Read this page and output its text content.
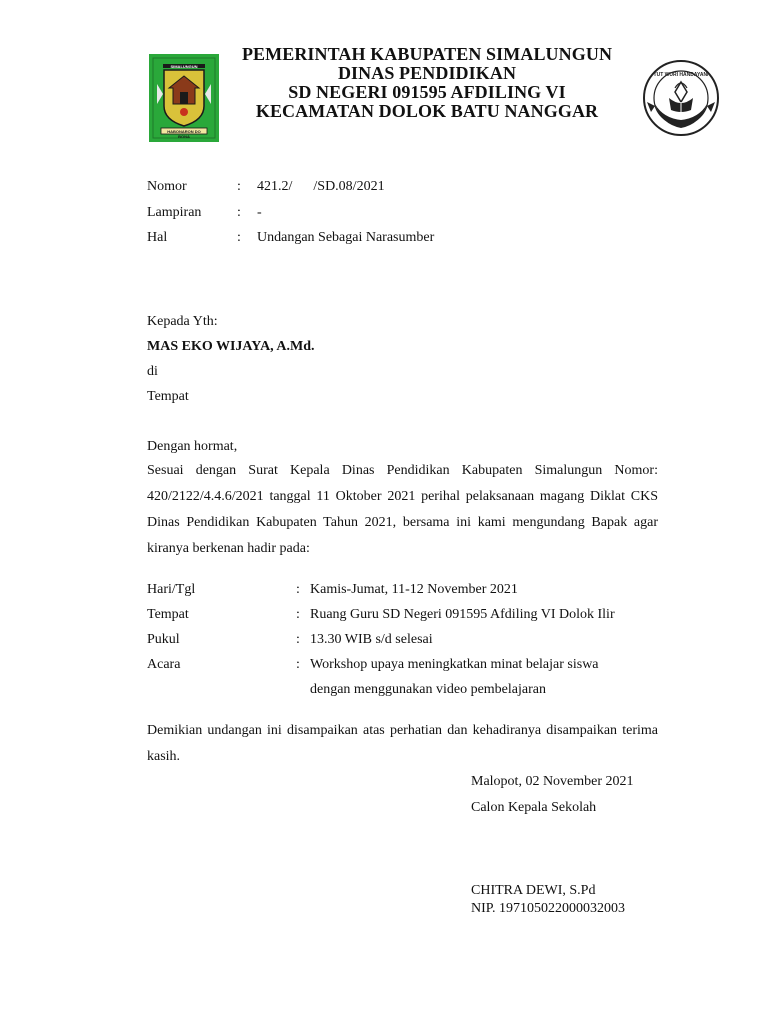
SIMALUNGUN
HABONARON DO BONA
PEMERINTAH KABUPATEN SIMALUNGUN
DINAS PENDIDIKAN
SD NEGERI 091595 AFDILING VI
KECAMATAN DOLOK BATU NANGGAR
TUT WURI HANDAYANI
Nomor	: 421.2/      /SD.08/2021
Lampiran	: -
Hal	: Undangan Sebagai Narasumber
Kepada Yth:
MAS EKO WIJAYA, A.Md.
di
Tempat
Dengan hormat,
Sesuai dengan Surat Kepala Dinas Pendidikan Kabupaten Simalungun Nomor: 420/2122/4.4.6/2021 tanggal 11 Oktober 2021 perihal pelaksanaan magang Diklat CKS Dinas Pendidikan Kabupaten Tahun 2021, bersama ini kami mengundang Bapak agar kiranya berkenan hadir pada:
Hari/Tgl	: Kamis-Jumat, 11-12 November 2021
Tempat	: Ruang Guru SD Negeri 091595 Afdiling VI Dolok Ilir
Pukul	: 13.30 WIB s/d selesai
Acara	: Workshop upaya meningkatkan minat belajar siswa
dengan menggunakan video pembelajaran
Demikian undangan ini disampaikan atas perhatian dan kehadiranya disampaikan terima kasih.
Malopot, 02 November 2021
Calon Kepala Sekolah
CHITRA DEWI, S.Pd
NIP. 197105022000032003
